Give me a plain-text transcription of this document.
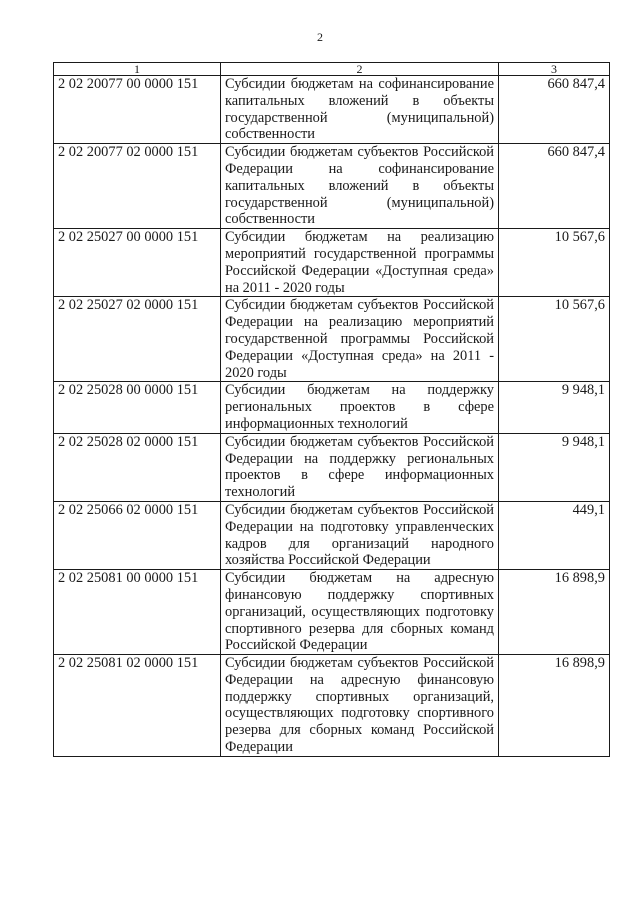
2
1	2	3
2 02 20077 00 0000 151	Субсидии бюджетам на софинансирование капитальных вложений в объекты государственной (муниципальной) собственности	660 847,4
2 02 20077 02 0000 151	Субсидии бюджетам субъектов Российской Федерации на софинансирование капитальных вложений в объекты государственной (муниципальной) собственности	660 847,4
2 02 25027 00 0000 151	Субсидии бюджетам на реализацию мероприятий государственной программы Российской Федерации «Доступная среда» на 2011 - 2020 годы	10 567,6
2 02 25027 02 0000 151	Субсидии бюджетам субъектов Российской Федерации на реализацию мероприятий государственной программы Российской Федерации «Доступная среда» на 2011 - 2020 годы	10 567,6
2 02 25028 00 0000 151	Субсидии бюджетам на поддержку региональных проектов в сфере информационных технологий	9 948,1
2 02 25028 02 0000 151	Субсидии бюджетам субъектов Российской Федерации на поддержку региональных проектов в сфере информационных технологий	9 948,1
2 02 25066 02 0000 151	Субсидии бюджетам субъектов Российской Федерации на подготовку управленческих кадров для организаций народного хозяйства Российской Федерации	449,1
2 02 25081 00 0000 151	Субсидии бюджетам на адресную финансовую поддержку спортивных организаций, осуществляющих подготовку спортивного резерва для сборных команд Российской Федерации	16 898,9
2 02 25081 02 0000 151	Субсидии бюджетам субъектов Российской Федерации на адресную финансовую поддержку спортивных организаций, осуществляющих подготовку спортивного резерва для сборных команд Российской Федерации	16 898,9
